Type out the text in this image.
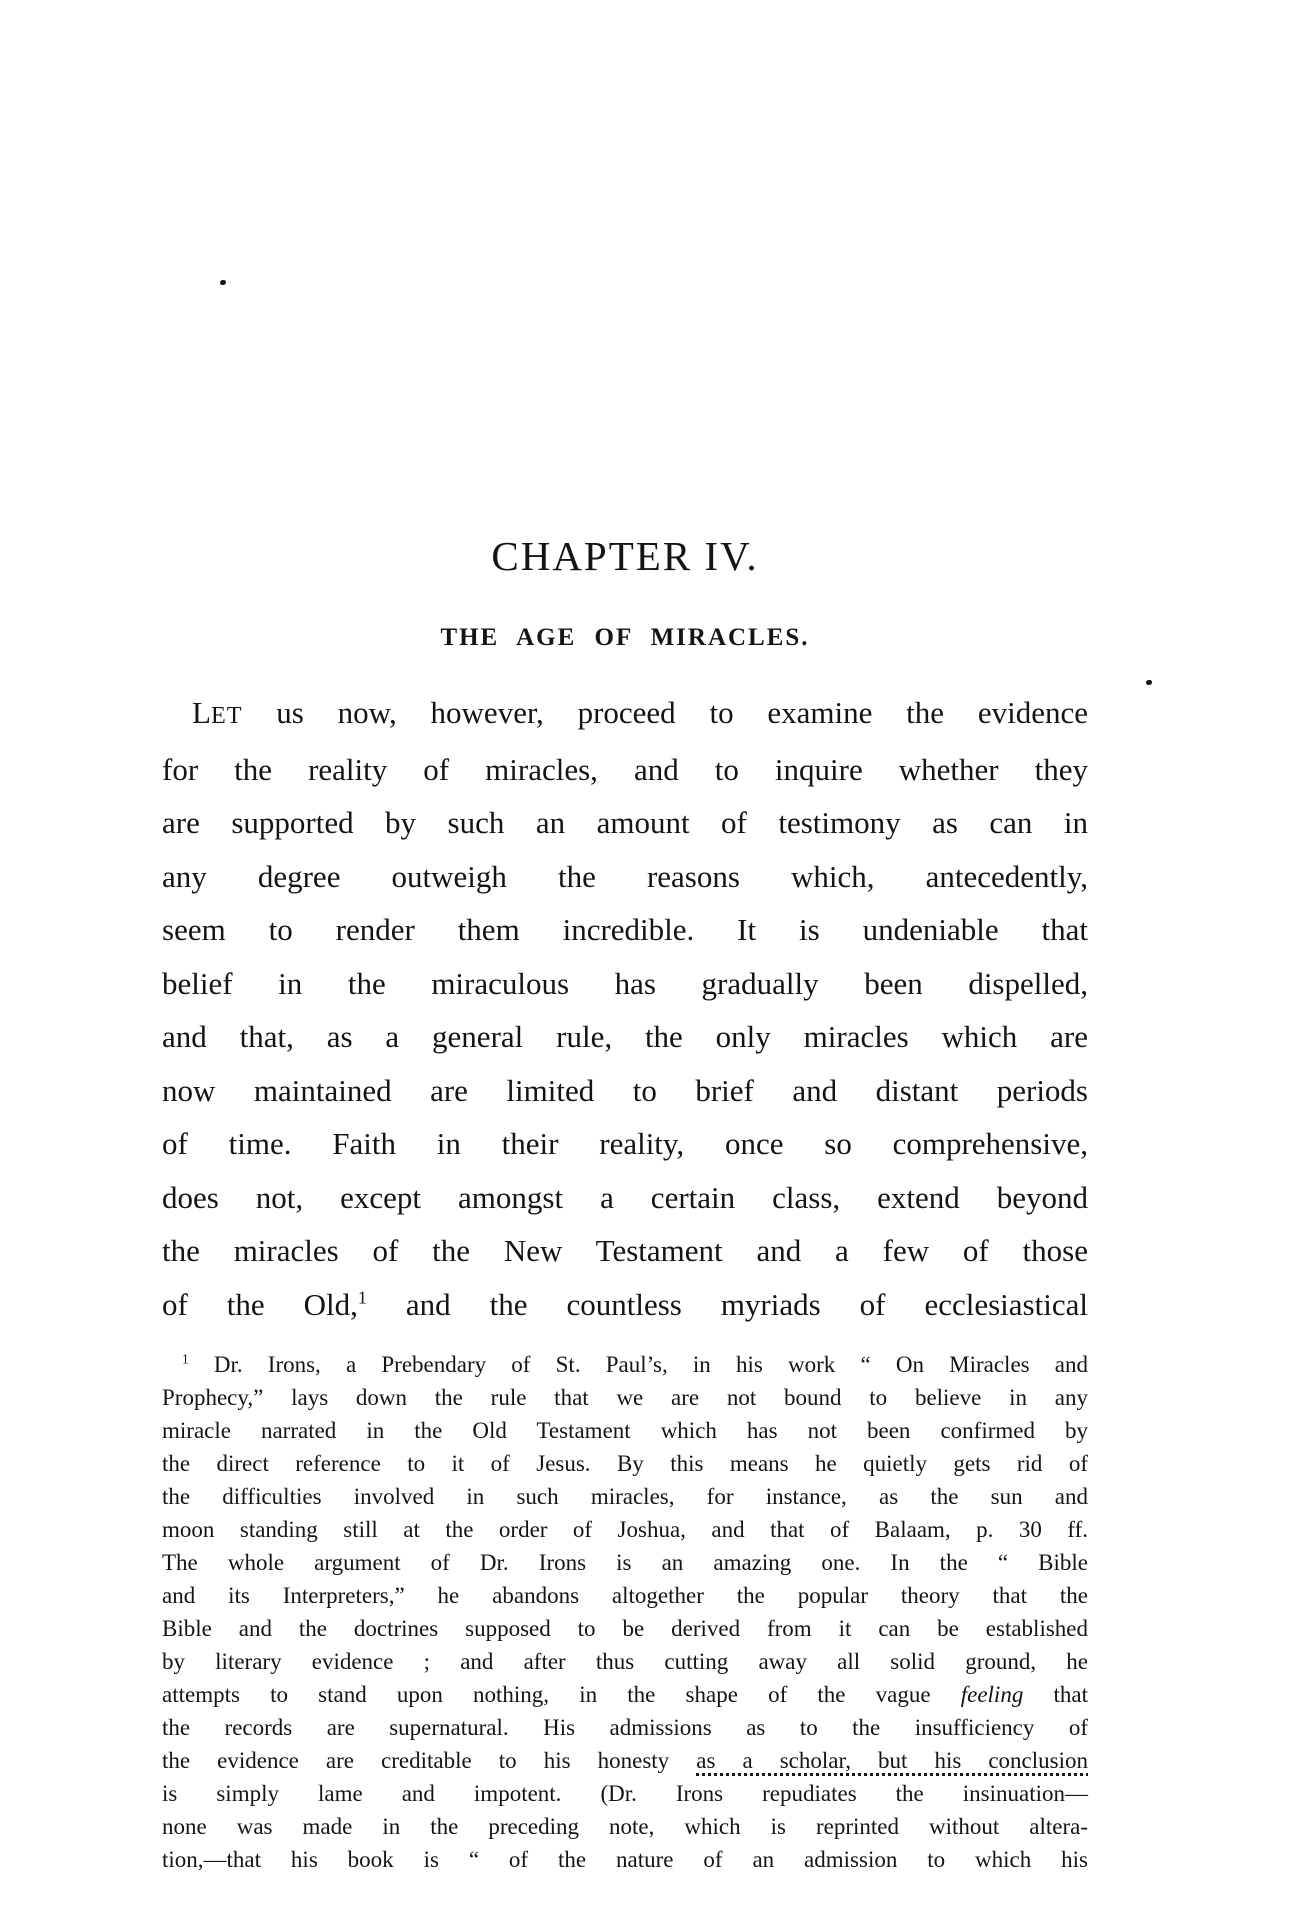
CHAPTER IV.
THE AGE OF MIRACLES.
LET us now, however, proceed to examine the evidence
for the reality of miracles, and to inquire whether they
are supported by such an amount of testimony as can in
any degree outweigh the reasons which, antecedently,
seem to render them incredible. It is undeniable that
belief in the miraculous has gradually been dispelled,
and that, as a general rule, the only miracles which are
now maintained are limited to brief and distant periods
of time. Faith in their reality, once so comprehensive,
does not, except amongst a certain class, extend beyond
the miracles of the New Testament and a few of those
of the Old,$^1$ and the countless myriads of ecclesiastical
$^1$ Dr. Irons, a Prebendary of St. Paul’s, in his work “ On Miracles and
Prophecy,” lays down the rule that we are not bound to believe in any
miracle narrated in the Old Testament which has not been confirmed by
the direct reference to it of Jesus. By this means he quietly gets rid of
the difficulties involved in such miracles, for instance, as the sun and
moon standing still at the order of Joshua, and that of Balaam, p. 30 ff.
The whole argument of Dr. Irons is an amazing one. In the “ Bible
and its Interpreters,” he abandons altogether the popular theory that the
Bible and the doctrines supposed to be derived from it can be established
by literary evidence ; and after thus cutting away all solid ground, he
attempts to stand upon nothing, in the shape of the vague feeling that
the records are supernatural. His admissions as to the insufficiency of
the evidence are creditable to his honesty as a scholar, but his conclusion
is simply lame and impotent. (Dr. Irons repudiates the insinuation—
none was made in the preceding note, which is reprinted without altera-
tion,—that his book is “ of the nature of an admission to which his
